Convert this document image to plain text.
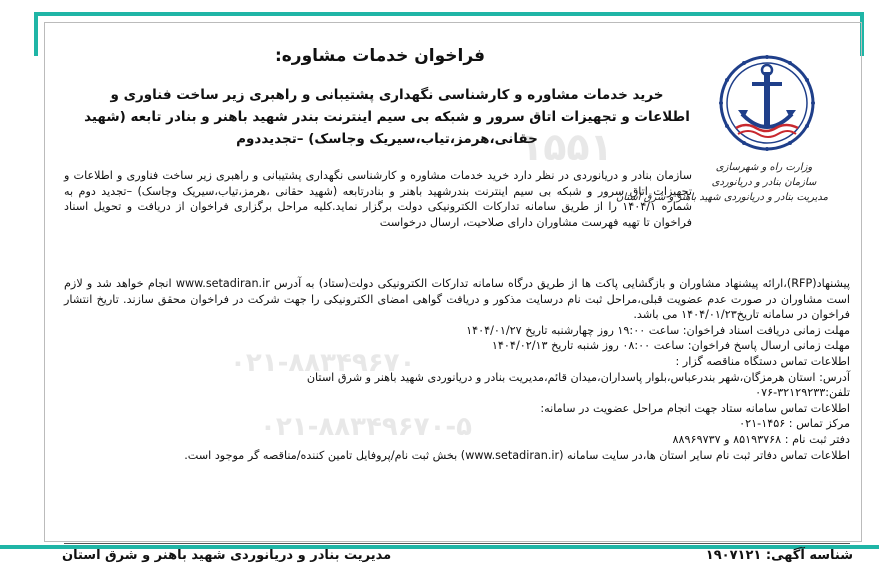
۱۵۵۱
۰۲۱-۸۸۳۴۹۶۷۰
۰۲۱-۸۸۳۴۹۶۷۰-۵
وزارت راه و شهرسازی
سازمان بنادر و دریانوردی
مدیریت بنادر و دریانوردی شهید باهنر و شرق استان
فراخوان خدمات مشاوره:
خرید خدمات مشاوره و کارشناسی نگهداری پشتیبانی و راهبری زیر ساخت فناوری و اطلاعات و تجهیزات اتاق سرور و شبکه بی سیم اینترنت بندر شهید باهنر و بنادر تابعه (شهید حقانی،هرمز،تیاب،سیریک وجاسک) –تجدیددوم

سازمان بنادر و دریانوردی در نظر دارد خرید خدمات مشاوره و کارشناسی نگهداری پشتیبانی و راهبری زیر ساخت فناوری و اطلاعات و تجهیزات اتاق سرور و شبکه بی سیم اینترنت بندرشهید باهنر و بنادرتابعه (شهید حقانی ،هرمز،تیاب،سیریک وجاسک) –تجدید دوم به شماره ۱۴۰۴/۱ را از طریق سامانه تدارکات الکترونیکی دولت برگزار نماید.کلیه مراحل برگزاری فراخوان از دریافت و تحویل اسناد فراخوان تا تهیه فهرست مشاوران دارای صلاحیت، ارسال درخواست

پیشنهاد(RFP)،ارائه پیشنهاد مشاوران و بازگشایی پاکت ها از طریق درگاه سامانه تدارکات الکترونیکی دولت(ستاد) به آدرس www.setadiran.ir انجام خواهد شد و لازم است مشاوران در صورت عدم عضویت قبلی،مراحل ثبت نام درسایت مذکور و دریافت گواهی امضای الکترونیکی را جهت شرکت در فراخوان محقق سازند. تاریخ انتشار فراخوان در سامانه تاریخ۱۴۰۴/۰۱/۲۳ می باشد.

مهلت زمانی دریافت اسناد فراخوان: ساعت ۱۹:۰۰ روز چهارشنبه تاریخ ۱۴۰۴/۰۱/۲۷

مهلت زمانی ارسال پاسخ فراخوان: ساعت ۰۸:۰۰ روز شنبه تاریخ ۱۴۰۴/۰۲/۱۳

اطلاعات تماس دستگاه مناقصه گزار :

آدرس: استان هرمزگان،شهر بندرعباس،بلوار پاسداران،میدان قائم،مدیریت بنادر و دریانوردی شهید باهنر و شرق استان

تلفن:۳۲۱۲۹۲۳۳-۰۷۶

اطلاعات تماس سامانه ستاد جهت انجام مراحل عضویت در سامانه:

مرکز تماس : ۱۴۵۶-۰۲۱

دفتر ثبت نام : ۸۵۱۹۳۷۶۸ و ۸۸۹۶۹۷۳۷

اطلاعات تماس دفاتر ثبت نام سایر استان ها،در سایت سامانه (www.setadiran.ir) بخش ثبت نام/پروفایل تامین کننده/مناقصه گر موجود است.

شناسه آگهی: ۱۹۰۷۱۲۱
مدیریت بنادر و دریانوردی شهید باهنر و شرق استان
